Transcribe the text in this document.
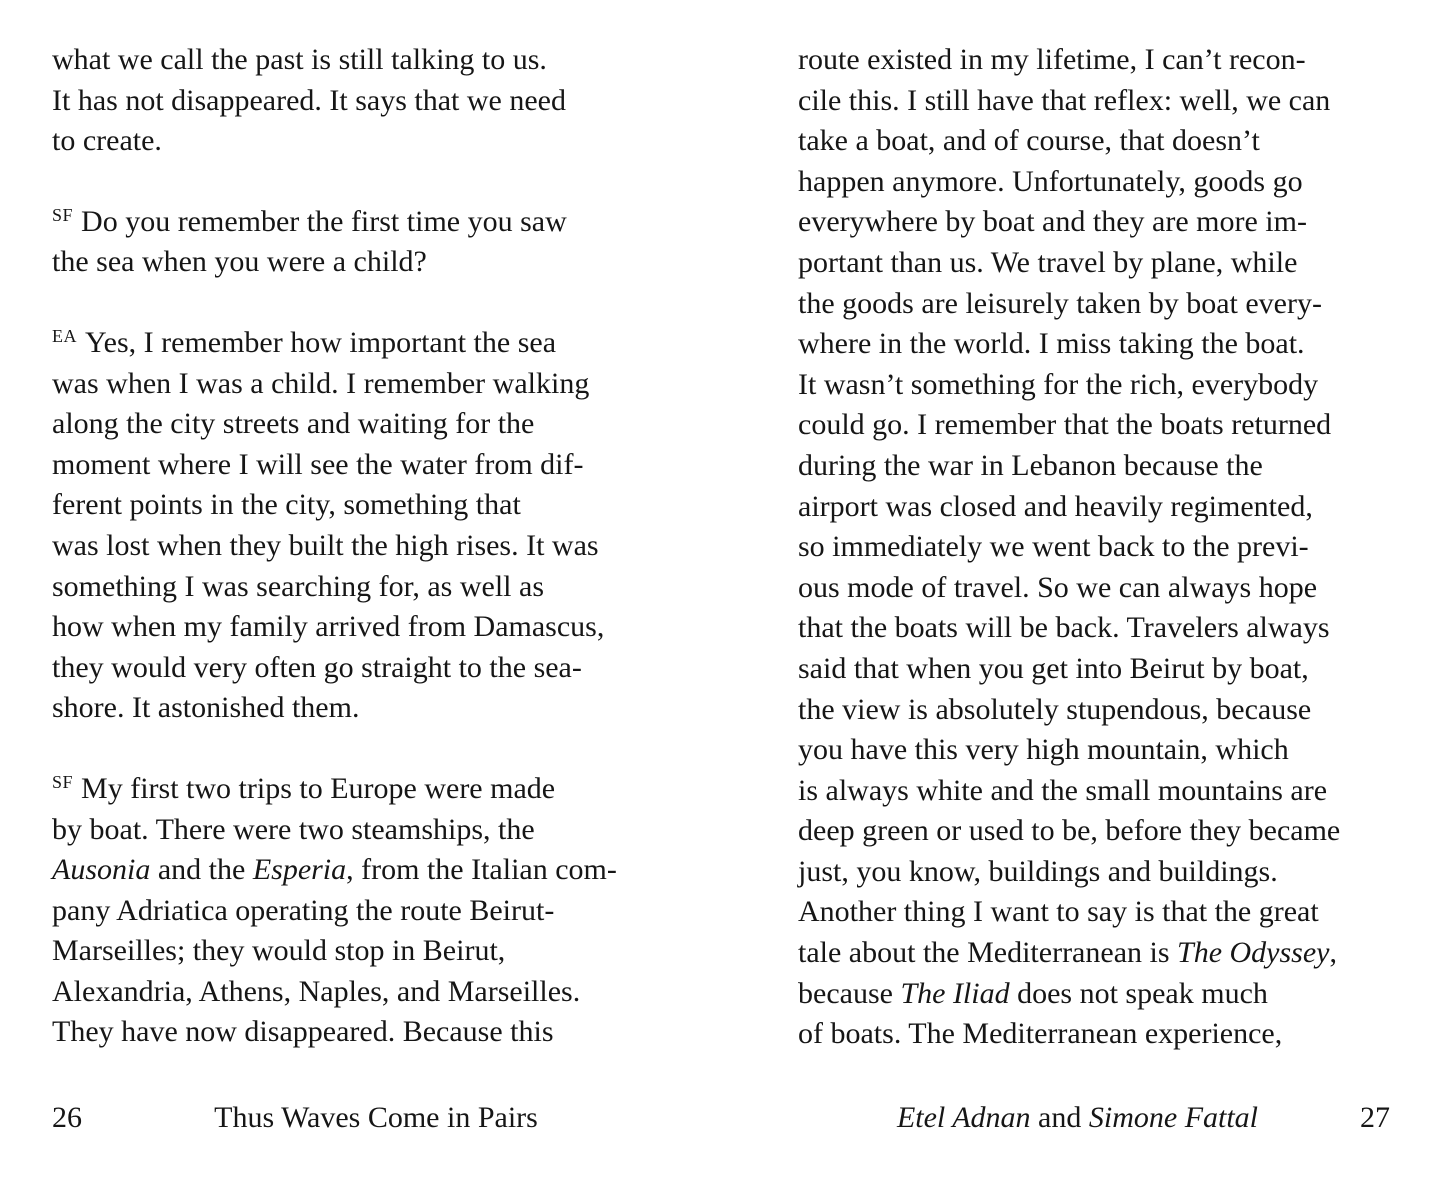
what we call the past is still talking to us.
It has not disappeared. It says that we need
to create.
SF Do you remember the first time you saw
the sea when you were a child?
EA Yes, I remember how important the sea
was when I was a child. I remember walking
along the city streets and waiting for the
moment where I will see the water from dif-
ferent points in the city, something that
was lost when they built the high rises. It was
something I was searching for, as well as
how when my family arrived from Damascus,
they would very often go straight to the sea-
shore. It astonished them.
SF My first two trips to Europe were made
by boat. There were two steamships, the
Ausonia and the Esperia, from the Italian com-
pany Adriatica operating the route Beirut-
Marseilles; they would stop in Beirut,
Alexandria, Athens, Naples, and Marseilles.
They have now disappeared. Because this
route existed in my lifetime, I can’t recon-
cile this. I still have that reflex: well, we can
take a boat, and of course, that doesn’t
happen anymore. Unfortunately, goods go
everywhere by boat and they are more im-
portant than us. We travel by plane, while
the goods are leisurely taken by boat every-
where in the world. I miss taking the boat.
It wasn’t something for the rich, everybody
could go. I remember that the boats returned
during the war in Lebanon because the
airport was closed and heavily regimented,
so immediately we went back to the previ-
ous mode of travel. So we can always hope
that the boats will be back. Travelers always
said that when you get into Beirut by boat,
the view is absolutely stupendous, because
you have this very high mountain, which
is always white and the small mountains are
deep green or used to be, before they became
just, you know, buildings and buildings.
Another thing I want to say is that the great
tale about the Mediterranean is The Odyssey,
because The Iliad does not speak much
of boats. The Mediterranean experience,
26	Thus Waves Come in Pairs	Etel Adnan and Simone Fattal	27
